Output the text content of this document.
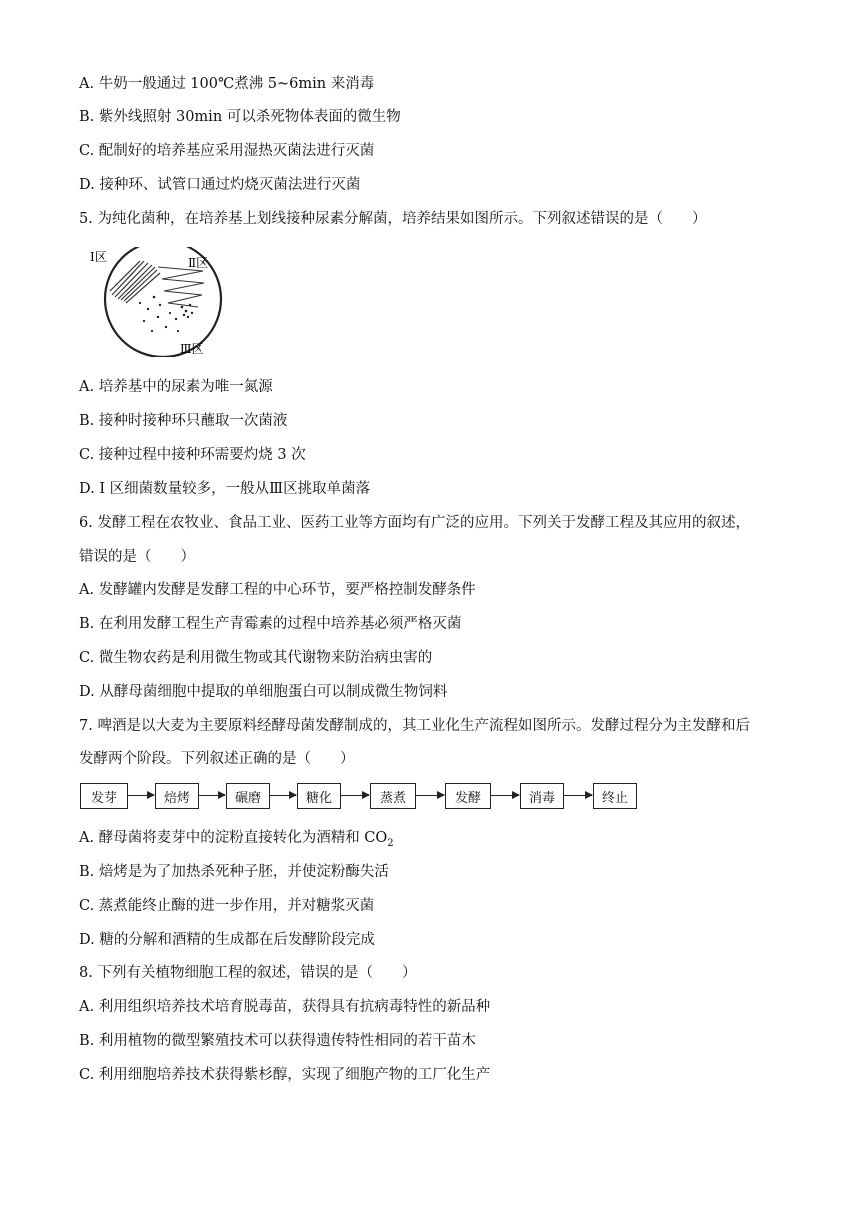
A. 牛奶一般通过 100℃煮沸 5~6min 来消毒
B. 紫外线照射 30min 可以杀死物体表面的微生物
C. 配制好的培养基应采用湿热灭菌法进行灭菌
D. 接种环、试管口通过灼烧灭菌法进行灭菌
5. 为纯化菌种，在培养基上划线接种尿素分解菌，培养结果如图所示。下列叙述错误的是（　　）
Ⅰ区	Ⅱ区
Ⅲ区
A. 培养基中的尿素为唯一氮源
B. 接种时接种环只蘸取一次菌液
C. 接种过程中接种环需要灼烧 3 次
D. I 区细菌数量较多，一般从Ⅲ区挑取单菌落
6. 发酵工程在农牧业、食品工业、医药工业等方面均有广泛的应用。下列关于发酵工程及其应用的叙述，
错误的是（　　）
A. 发酵罐内发酵是发酵工程的中心环节，要严格控制发酵条件
B. 在利用发酵工程生产青霉素的过程中培养基必须严格灭菌
C. 微生物农药是利用微生物或其代谢物来防治病虫害的
D. 从酵母菌细胞中提取的单细胞蛋白可以制成微生物饲料
7. 啤酒是以大麦为主要原料经酵母菌发酵制成的，其工业化生产流程如图所示。发酵过程分为主发酵和后
发酵两个阶段。下列叙述正确的是（　　）
发芽	焙烤	碾磨	糖化	蒸煮	发酵	消毒	终止
A. 酵母菌将麦芽中的淀粉直接转化为酒精和 $CO_2$
B. 焙烤是为了加热杀死种子胚，并使淀粉酶失活
C. 蒸煮能终止酶的进一步作用，并对糖浆灭菌
D. 糖的分解和酒精的生成都在后发酵阶段完成
8. 下列有关植物细胞工程的叙述，错误的是（　　）
A. 利用组织培养技术培育脱毒苗，获得具有抗病毒特性的新品种
B. 利用植物的微型繁殖技术可以获得遗传特性相同的若干苗木
C. 利用细胞培养技术获得紫杉醇，实现了细胞产物的工厂化生产
